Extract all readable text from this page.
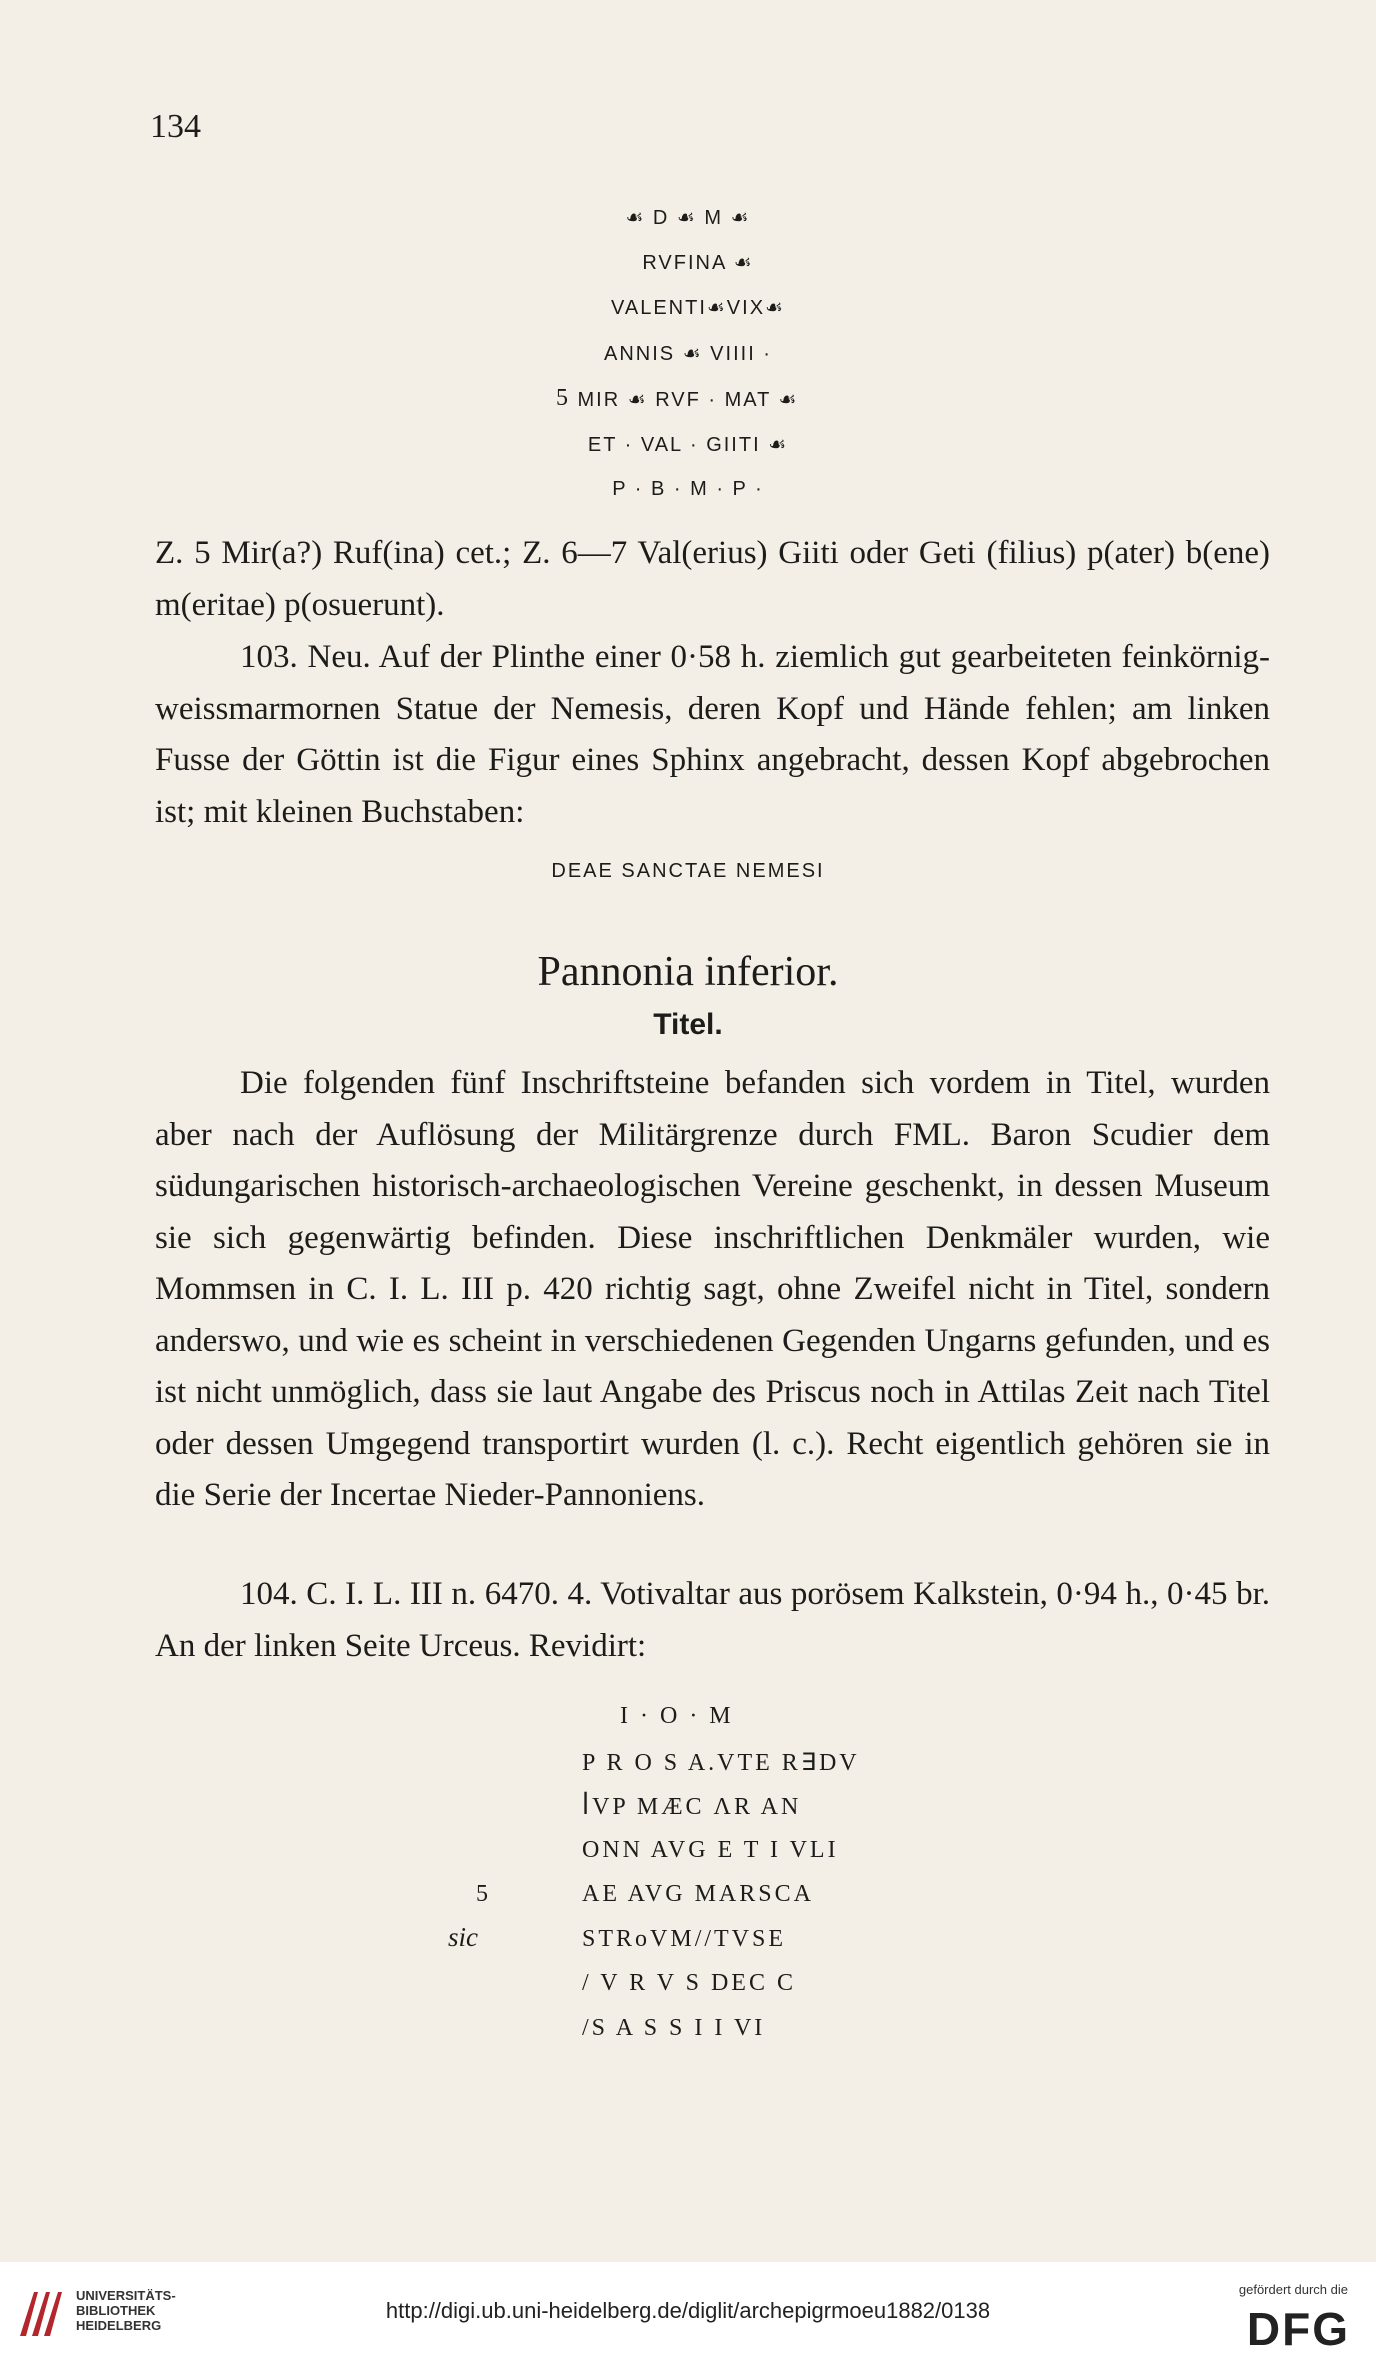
134
☙ D ☙ M ☙
RVFINA ☙
VALENTI☙VIX☙
ANNIS ☙ VIIII ·
MIR ☙ RVF · MAT ☙
ET · VAL · GIITI ☙
P · B · M · P ·
5
Z. 5 Mir(a?) Ruf(ina) cet.; Z. 6—7 Val(erius) Giiti oder Geti (filius) p(ater) b(ene) m(eritae) p(osuerunt).
103. Neu. Auf der Plinthe einer 0·58 h. ziemlich gut gearbeiteten feinkörnig-weissmarmornen Statue der Nemesis, deren Kopf und Hände fehlen; am linken Fusse der Göttin ist die Figur eines Sphinx angebracht, dessen Kopf abgebrochen ist; mit kleinen Buchstaben:
DEAE SANCTAE NEMESI
Pannonia inferior.
Titel.
Die folgenden fünf Inschriftsteine befanden sich vordem in Titel, wurden aber nach der Auflösung der Militärgrenze durch FML. Baron Scudier dem südungarischen historisch-archaeologischen Vereine geschenkt, in dessen Museum sie sich gegenwärtig befinden. Diese inschriftlichen Denkmäler wurden, wie Mommsen in C. I. L. III p. 420 richtig sagt, ohne Zweifel nicht in Titel, sondern anderswo, und wie es scheint in verschiedenen Gegenden Ungarns gefunden, und es ist nicht unmöglich, dass sie laut Angabe des Priscus noch in Attilas Zeit nach Titel oder dessen Umgegend transportirt wurden (l. c.). Recht eigentlich gehören sie in die Serie der Incertae Nieder-Pannoniens.
104. C. I. L. III n. 6470. 4. Votivaltar aus porösem Kalkstein, 0·94 h., 0·45 br. An der linken Seite Urceus. Revidirt:
I · O · M
P R O S A.VTE R∃DV
ꟾVP MÆC ΛR AN
ONN AVG E T I VLI
AE AVG MARSCA
STRoVM//TVSE
/ V R V S DEC C
/S A S S I I VI
5
sic
UNIVERSITÄTS-
BIBLIOTHEK
HEIDELBERG
http://digi.ub.uni-heidelberg.de/diglit/archepigrmoeu1882/0138
gefördert durch die
DFG
